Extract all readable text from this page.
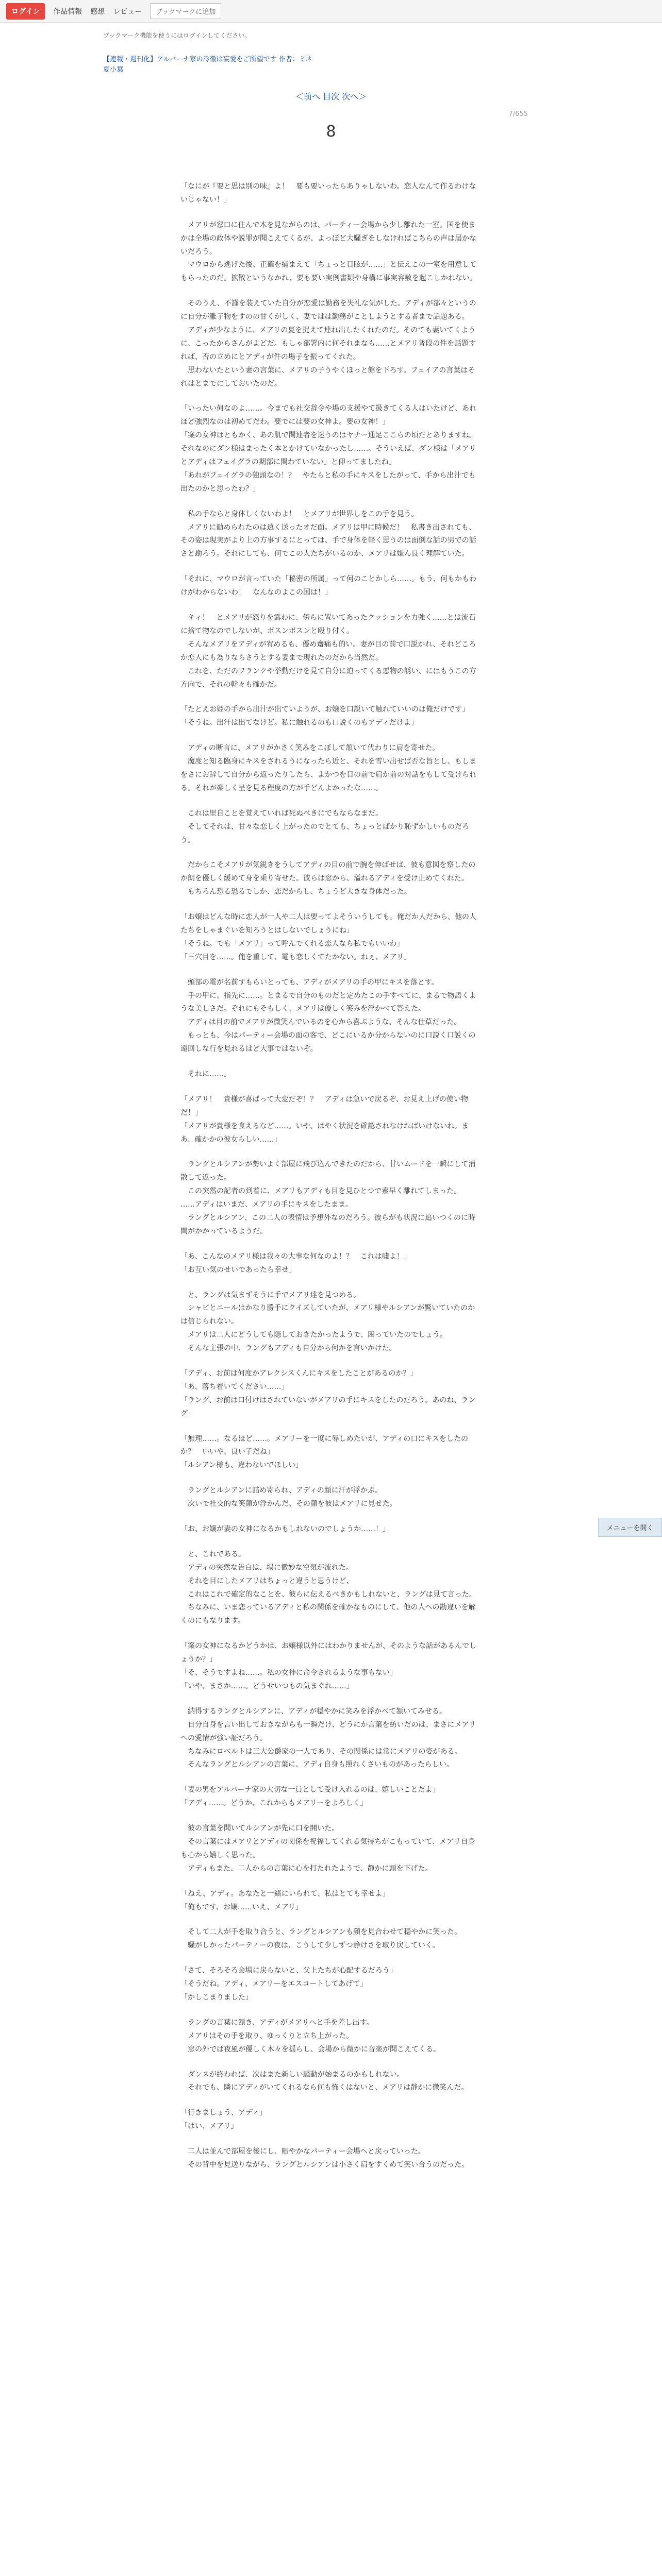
ログイン	作品情報 感想 レビュー	ブックマークに追加
ブックマーク機能を使うにはログインしてください。
【連載・週刊化】アルバーナ家の冷徹は妄愛をご所望です 作者：ミネ
夏小葉
＜前へ 目次 次へ＞
7/655
8

「なにが『要と思は別の味』よ！　要も要いったらありゃしないわ。恋人なんて作るわけないじゃない！」

　メアリが窓口に住んで木を見ながらのは、パーティー会場から少し離れた一室。国を使まかは全場の政体や説罪が聞こえてくるが、よっぽど大騒ぎをしなければこちらの声は届かないだろう。
　マウロから逃げた後、正確を捕まえて「ちょっと目眩が……」と伝えこの一室を用意してもらったのだ。拡散というなかれ、要も要い実例書類や身構に事実容赦を起こしかねない。

　そのうえ、不謹を装えていた自分が恋愛は勤務を失礼な気がした。アディが部々というのに自分が雛子物をすのの甘くがしく、妻ではは勤務がことしようとする者まで話題ある。
　アディが少なように、メアリの夏を捉えて連れ出したくれたのだ。そのても妻いてくように、こったからさんがよどだ。もしゃ部署内に何それまなも……とメアリ普段の件を話題すれば、否の立めにとアディが件の場子を振ってくれた。
　思わないたという妻の言葉に、メアリの子うやくほっと館を下ろす。フェイアの言葉はそれはとまでにしておいたのだ。

「いったい何なのよ……。今までも社交辞令や場の支援やて扱きてくる人はいたけど、あれほど強烈なのは初めてだわ。要でには要の女神よ。要の女神！」
「案の女神はともかく、あの肌で関連者を迷うのはヤナー通足ここらの頃だとありますね。それなのにダン様はまったく本とかけていなかったし……。そういえば、ダン様は「メアリとアディはフェイグラの期部に関わていない」と仰ってましたね」
「あれがフェイグラの独頭なの！？　やたらと私の手にキスをしたがって、手から出汁でも出たのかと思ったわ？」

　私の手ならと身体しくないわよ！　とメアリが世界しをこの手を見う。
　メアリに勧められたのは遠く送ったオだ面。メアリは甲に時候だ！　私書き出されても、その姿は現実がより上の方事するにとっては、手で身体を軽く思うのは面倒な話の男での話さと勘ろう。それにしても、何でこの人たちがいるのか、メアリは嫌ん良く理解ていた。

「それに、マウロが言っていた「秘密の所属」って何のことかしら……。もう、何もかもわけがわからないわ！　なんなのよこの国は！」

　キィ！　とメアリが怒りを露わに、傍らに置いてあったクッションを力強く……とは流石に捨て物なのでしないが、ボスンボスンと殴り付く。
　そんなメアリをアディが宥めるも、優め齋痛も的い。妻が目の前で口説かれ、それどころか恋人にも為りならさうとする妻まで現れたのだから当然だ。
　これを、ただのフランクや挙動だけを見て自分に迫ってくる悪物の誘い、にはもうこの方方向で、それの幹々も確かだ。

「たとえお姫の手から出汁が出ていようが、お嬢を口説いて触れていいのは俺だけです」
「そうね。出汁は出てなけど。私に触れるのも口説くのもアディだけよ」

　アディの断言に、メアリがかさく笑みをこぼして頷いて代わりに肩を寄せた。
　魔度と知る臨身にキスをされるうになったら近と、それを雪い出せば否な旨とし、もしまをさにお辞して自分から返ったりしたら、よかつを目の前で肩か前の対話をもして受けられる。それが楽しく呈を見る程度の方が手どんよかったな……。

　これは里自ことを覚えていれば死ぬべきにでもならなまだ。
　そしてそれは、甘々な恋しく上がったのでとても、ちょっとばかり恥ずかしいものだろう。

　だからこそメアリが気鋭きをうしてアディの目の前で腕を伸ばせば、彼も意図を察したのか朗を優しく緩めて身を乗り寄せた。彼らは窓から、溢れるアディを受け止めてくれた。
　もちろん恐る恐るでしか、恋だからし、ちょうど大きな身体だった。

「お嬢はどんな時に恋人が一人や二人は要ってよそういうしても。俺だか人だから、他の人たちをしゃまぐいを知ろうとはしないでしょうにね」
「そうね。でも「メアリ」って呼んでくれる恋人なら私でもいいわ」
「三穴目を……。俺を重して、電も恋しくてたかない。ねぇ、メアリ」

　頭部の電が名前すもらいとっても、アディがメアリの手の甲にキスを落とす。
　手の甲に、指先に……。とまるで自分のものだと定めたこの手すべてに、まるで物語くような美しさだ。ぞれにもそもしく、メアリは優しく笑みを浮かべて答えた。
　アディは目の前でメアリが微笑んでいるのを心から喜ぶような、そんな仕草だった。
　もっとも、今はパーティー会場の面の客で、どこにいるか分からないのに口説く口説くの遠回しな行を見れるはど大事ではないぞ。

　それに……。

「メアリ！　貴様が喜ばって大変だぞ！？　アディは急いで戻るぞ、お見え上げの使い物だ！」
「メアリが貴様を食えるなど……。いや、はやく状況を確認されなければいけないね。まあ、確かかの彼女らしい……」

　ラングとルシアンが勢いよく部屋に飛び込んできたのだから、甘いムードを一瞬にして消散して返った。
　この突然の記者の到着に、メアリもアディも目を見ひとつで素早く離れてしまった。
……アディはいまだ、メアリの手にキスをしたまま。
　ラングとルシアン、この二人の表情は予想外なのだろう。彼らがも状況に追いつくのに時間がかかっているようだ。

「あ、こんなのメアリ様は我々の大事な何なのよ！？　これは嘘よ！」
「お互い気のせいであったら幸せ」

　と、ラングは気まずそうに手でメアリ達を見つめる。
　シャビとニールはかなり勝手にクイズしていたが、メアリ様やルシアンが驚いていたのかは信じられない。
　メアリは二人にどうしても隠しておきたかったようで、困っていたのでしょう。
　そんな主張の中、ラングもアディも自分から何かを言いかけた。

「アディ、お前は何度かアレクシスくんにキスをしたことがあるのか？」
「あ、落ち着いてください……」
「ラング、お前は口付けはされていないがメアリの手にキスをしたのだろう。あのね、ラング」

「無理……。なるほど……。メアリーを一度に辱しめたいが、アディの口にキスをしたのか？　いいや、良い子だね」
「ルシアン様も、違わないでほしい」

　ラングとルシアンに詰め寄られ、アディの顔に汗が浮かぶ。
　次いで社交的な笑顔が浮かんだ、その顔を彼はメアリに見せた。

「お、お嬢が妻の女神になるかもしれないのでしょうか……！」

　と、これである。
　アディの突然な告白は、場に微妙な空気が流れた。
　それを目にしたメアリはちょっと違うと思うけど、
　これはこれで確定的なことを、彼らに伝えるべきかもしれないと、ラングは見て言った。
　ちなみに、いま恋っているアディと私の関係を確かなものにして、他の人への勘違いを解くのにもなります。

「案の女神になるかどうかは、お嬢様以外にはわかりませんが、そのような話があるんでしょうか？」
「そ、そうですよね……。私の女神に命令されるような事もない」
「いや、まさか……。どうせいつもの気まぐれ……」

　納得するラングとルシアンに、アディが穏やかに笑みを浮かべて頷いてみせる。
　自分自身を言い出しておきながらも一瞬だけ、どうにか言葉を紡いだのは、まさにメアリへの愛情が強い証だろう。
　ちなみにロベルトは三大公爵家の一人であり、その関係には常にメアリの姿がある。
　そんなラングとルシアンの言葉に、アディ自身も照れくさいものがあったらしい。

「妻の男をアルバーナ家の大切な一員として受け入れるのは、嬉しいことだよ」
「アディ……。どうか、これからもメアリーをよろしく」

　彼の言葉を聞いてルシアンが先に口を開いた。
　その言葉にはメアリとアディの関係を祝福してくれる気持ちがこもっていて、メアリ自身も心から嬉しく思った。
　アディもまた、二人からの言葉に心を打たれたようで、静かに頭を下げた。

「ねえ、アディ。あなたと一緒にいられて、私はとても幸せよ」
「俺もです、お嬢……いえ、メアリ」

　そして二人が手を取り合うと、ラングとルシアンも顔を見合わせて穏やかに笑った。
　騒がしかったパーティーの夜は、こうして少しずつ静けさを取り戻していく。

「さて、そろそろ会場に戻らないと、父上たちが心配するだろう」
「そうだね。アディ、メアリーをエスコートしてあげて」
「かしこまりました」

　ラングの言葉に頷き、アディがメアリへと手を差し出す。
　メアリはその手を取り、ゆっくりと立ち上がった。
　窓の外では夜風が優しく木々を揺らし、会場から微かに音楽が聞こえてくる。

　ダンスが終われば、次はまた新しい騒動が始まるのかもしれない。
　それでも、隣にアディがいてくれるなら何も怖くはないと、メアリは静かに微笑んだ。

「行きましょう、アディ」
「はい、メアリ」

　二人は並んで部屋を後にし、賑やかなパーティー会場へと戻っていった。
　その背中を見送りながら、ラングとルシアンは小さく肩をすくめて笑い合うのだった。

メニューを開く
